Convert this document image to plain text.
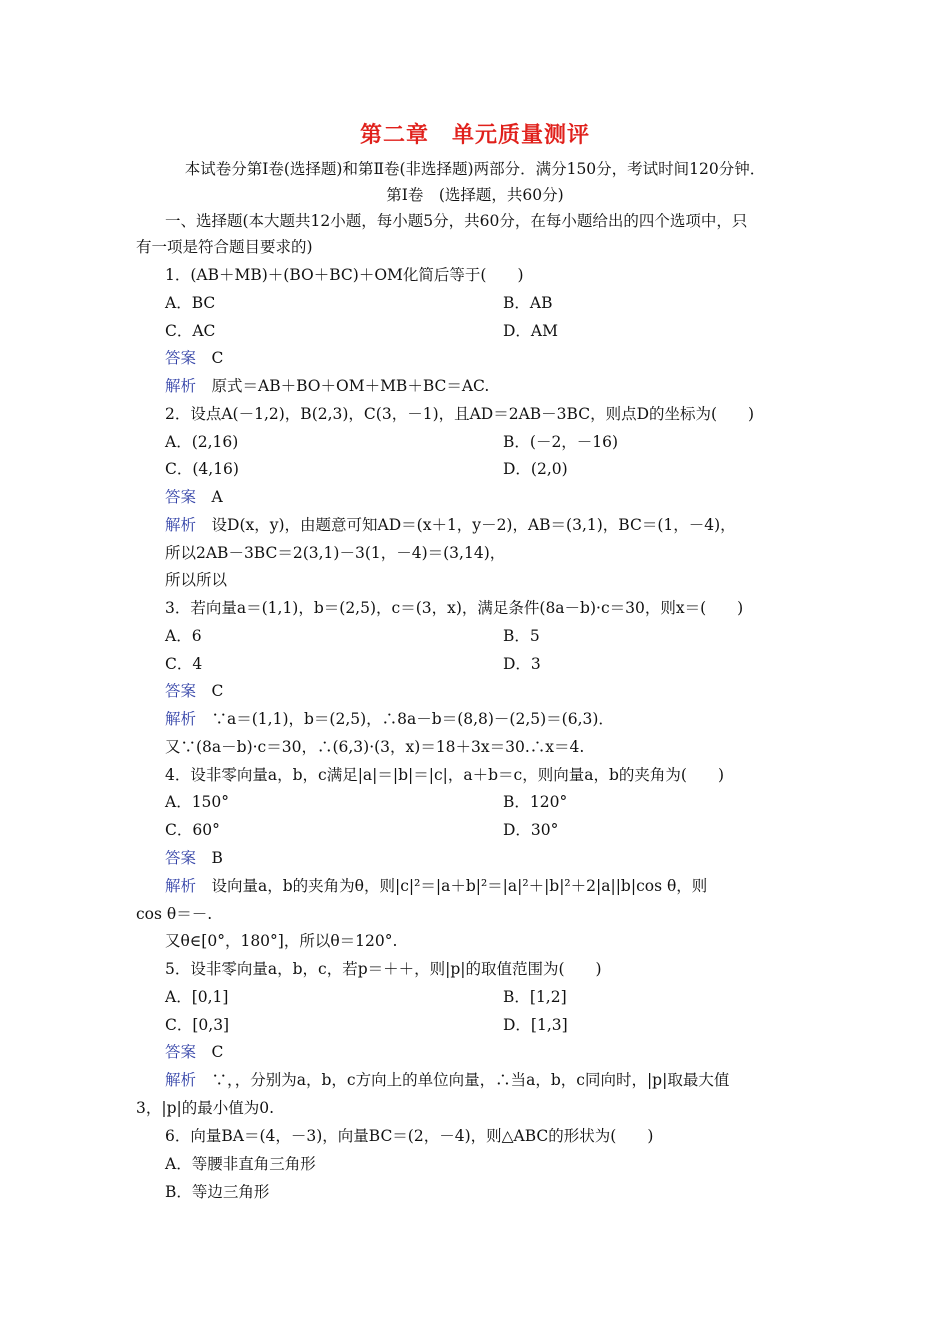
第二章　单元质量测评
本试卷分第Ⅰ卷(选择题)和第Ⅱ卷(非选择题)两部分．满分150分，考试时间120分钟．
第Ⅰ卷　(选择题，共60分)
一、选择题(本大题共12小题，每小题5分，共60分，在每小题给出的四个选项中，只
有一项是符合题目要求的)
1．(AB＋MB)＋(BO＋BC)＋OM化简后等于(　　)
A．BC	B．AB
C．AC	D．AM
答案　C
解析　原式＝AB＋BO＋OM＋MB＋BC＝AC.
2．设点A(－1,2)，B(2,3)，C(3，－1)，且AD＝2AB－3BC，则点D的坐标为(　　)
A．(2,16)	B．(－2，－16)
C．(4,16)	D．(2,0)
答案　A
解析　设D(x，y)，由题意可知AD＝(x＋1，y－2)，AB＝(3,1)，BC＝(1，－4)，
所以2AB－3BC＝2(3,1)－3(1，－4)＝(3,14)，
所以所以
3．若向量a＝(1,1)，b＝(2,5)，c＝(3，x)，满足条件(8a－b)·c＝30，则x＝(　　)
A．6	B．5
C．4	D．3
答案　C
解析　∵a＝(1,1)，b＝(2,5)，∴8a－b＝(8,8)－(2,5)＝(6,3)．
又∵(8a－b)·c＝30，∴(6,3)·(3，x)＝18＋3x＝30.∴x＝4.
4．设非零向量a，b，c满足|a|＝|b|＝|c|，a＋b＝c，则向量a，b的夹角为(　　)
A．150°	B．120°
C．60°	D．30°
答案　B
解析　设向量a，b的夹角为θ，则|c|²＝|a＋b|²＝|a|²＋|b|²＋2|a||b|cos θ，则
cos θ＝－.
又θ∈[0°，180°]，所以θ＝120°.
5．设非零向量a，b，c，若p＝＋＋，则|p|的取值范围为(　　)
A．[0,1]	B．[1,2]
C．[0,3]	D．[1,3]
答案　C
解析　∵，，分别为a，b，c方向上的单位向量，∴当a，b，c同向时，|p|取最大值
3，|p|的最小值为0.
6．向量BA＝(4，－3)，向量BC＝(2，－4)，则△ABC的形状为(　　)
A．等腰非直角三角形
B．等边三角形
